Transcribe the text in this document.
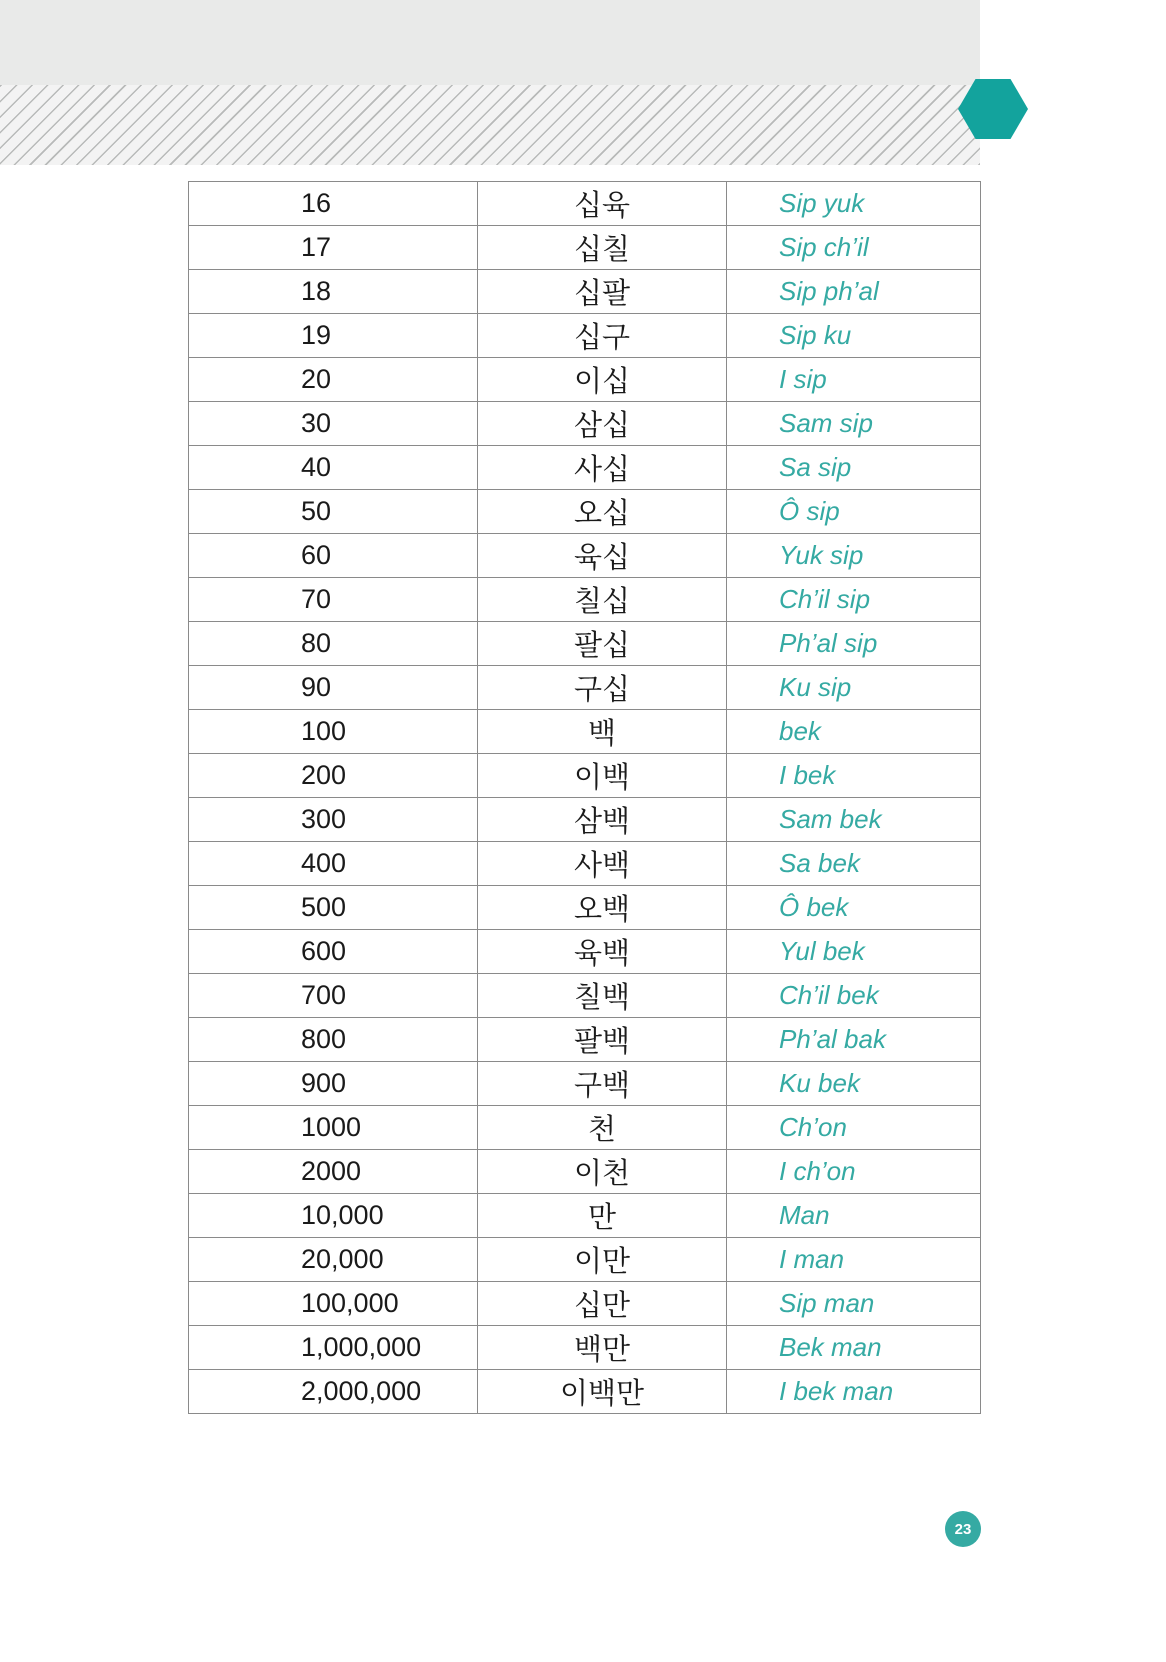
16	십육	Sip yuk
17	십칠	Sip ch’il
18	십팔	Sip ph’al
19	십구	Sip ku
20	이십	I sip
30	삼십	Sam sip
40	사십	Sa sip
50	오십	Ô sip
60	육십	Yuk sip
70	칠십	Ch’il sip
80	팔십	Ph’al sip
90	구십	Ku sip
100	백	bek
200	이백	I bek
300	삼백	Sam bek
400	사백	Sa bek
500	오백	Ô bek
600	육백	Yul bek
700	칠백	Ch’il bek
800	팔백	Ph’al bak
900	구백	Ku bek
1000	천	Ch’on
2000	이천	I ch’on
10,000	만	Man
20,000	이만	I man
100,000	십만	Sip man
1,000,000	백만	Bek man
2,000,000	이백만	I bek man
23
